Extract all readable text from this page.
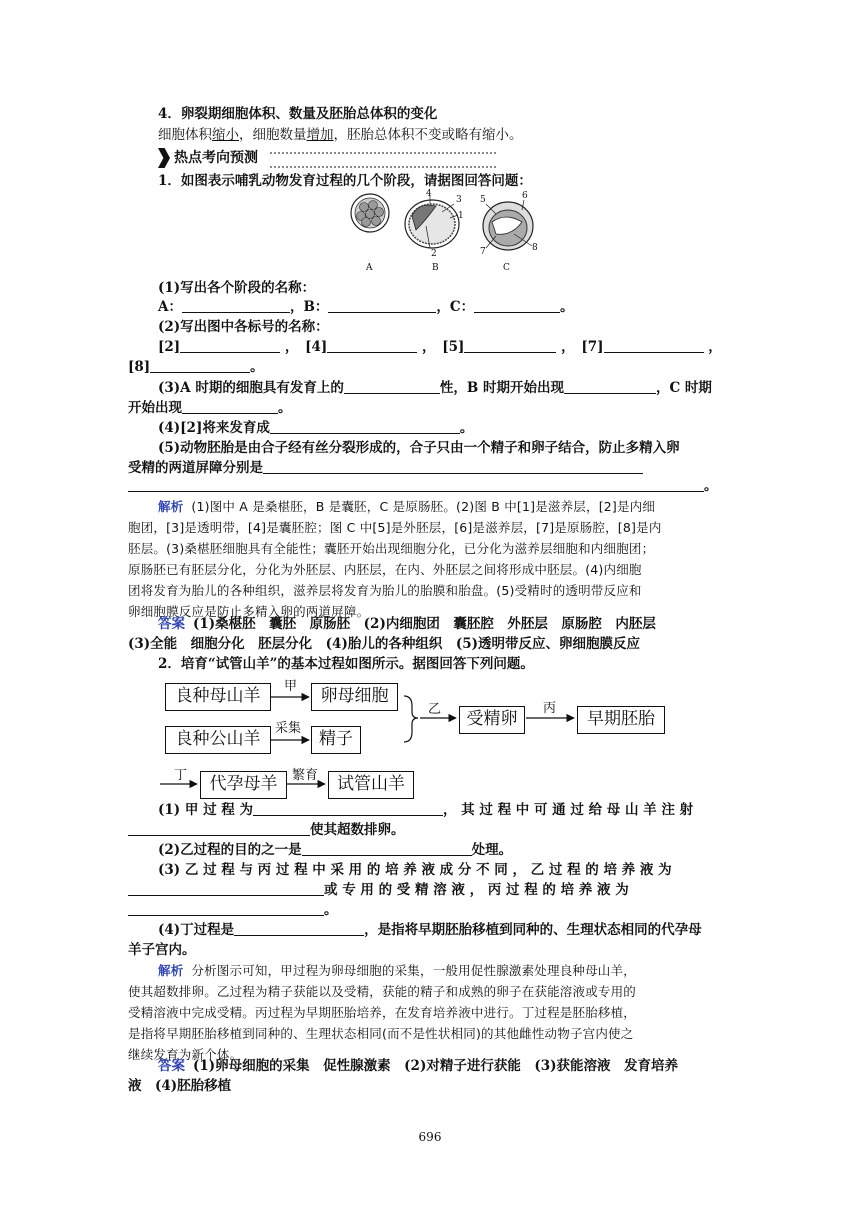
4．卵裂期细胞体积、数量及胚胎总体积的变化
细胞体积缩小，细胞数量增加，胚胎总体积不变或略有缩小。
热点考向预测
1．如图表示哺乳动物发育过程的几个阶段，请据图回答问题：
A	B	C
1
2
3
4
5	6
7	8
(1)写出各个阶段的名称：
A：	，B：	，C：	。
(2)写出图中各标号的名称：
[2]	，　 [4]	，　 [5]	，　 [7]	，
[8]	。
(3)A 时期的细胞具有发育上的	性，B 时期开始出现	，C 时期
开始出现	。
(4)[2]将来发育成	。
(5)动物胚胎是由合子经有丝分裂形成的，合子只由一个精子和卵子结合，防止多精入卵
受精的两道屏障分别是
。
解析 (1)图中 A 是桑椹胚，B 是囊胚，C 是原肠胚。(2)图 B 中[1]是滋养层，[2]是内细
胞团，[3]是透明带，[4]是囊胚腔；图 C 中[5]是外胚层，[6]是滋养层，[7]是原肠腔，[8]是内
胚层。(3)桑椹胚细胞具有全能性；囊胚开始出现细胞分化，已分化为滋养层细胞和内细胞团；
原肠胚已有胚层分化，分化为外胚层、内胚层，在内、外胚层之间将形成中胚层。(4)内细胞
团将发育为胎儿的各种组织，滋养层将发育为胎儿的胎膜和胎盘。(5)受精时的透明带反应和
卵细胞膜反应是防止多精入卵的两道屏障。
答案 (1)桑椹胚　囊胚　原肠胚　(2)内细胞团　囊胚腔　外胚层　原肠腔　内胚层
(3)全能　细胞分化　胚层分化　(4)胎儿的各种组织　(5)透明带反应、卵细胞膜反应
2．培育“试管山羊”的基本过程如图所示。据图回答下列问题。
良种母山羊	卵母细胞
良种公山羊	精子
受精卵	早期胚胎
代孕母羊	试管山羊
甲
采集
乙	丙
丁	繁育
(1) 甲 过 程 为	， 其 过 程 中 可 通 过 给 母 山 羊 注 射
使其超数排卵。
(2)乙过程的目的之一是	处理。
(3) 乙 过 程 与 丙 过 程 中 采 用 的 培 养 液 成 分 不 同 ， 乙 过 程 的 培 养 液 为
或 专 用 的 受 精 溶 液 ， 丙 过 程 的 培 养 液 为
。
(4)丁过程是	，是指将早期胚胎移植到同种的、生理状态相同的代孕母
羊子宫内。
解析 分析图示可知，甲过程为卵母细胞的采集，一般用促性腺激素处理良种母山羊，
使其超数排卵。乙过程为精子获能以及受精，获能的精子和成熟的卵子在获能溶液或专用的
受精溶液中完成受精。丙过程为早期胚胎培养，在发育培养液中进行。丁过程是胚胎移植，
是指将早期胚胎移植到同种的、生理状态相同(而不是性状相同)的其他雌性动物子宫内使之
继续发育为新个体。
答案 (1)卵母细胞的采集　促性腺激素　(2)对精子进行获能　(3)获能溶液　发育培养
液　(4)胚胎移植
696
